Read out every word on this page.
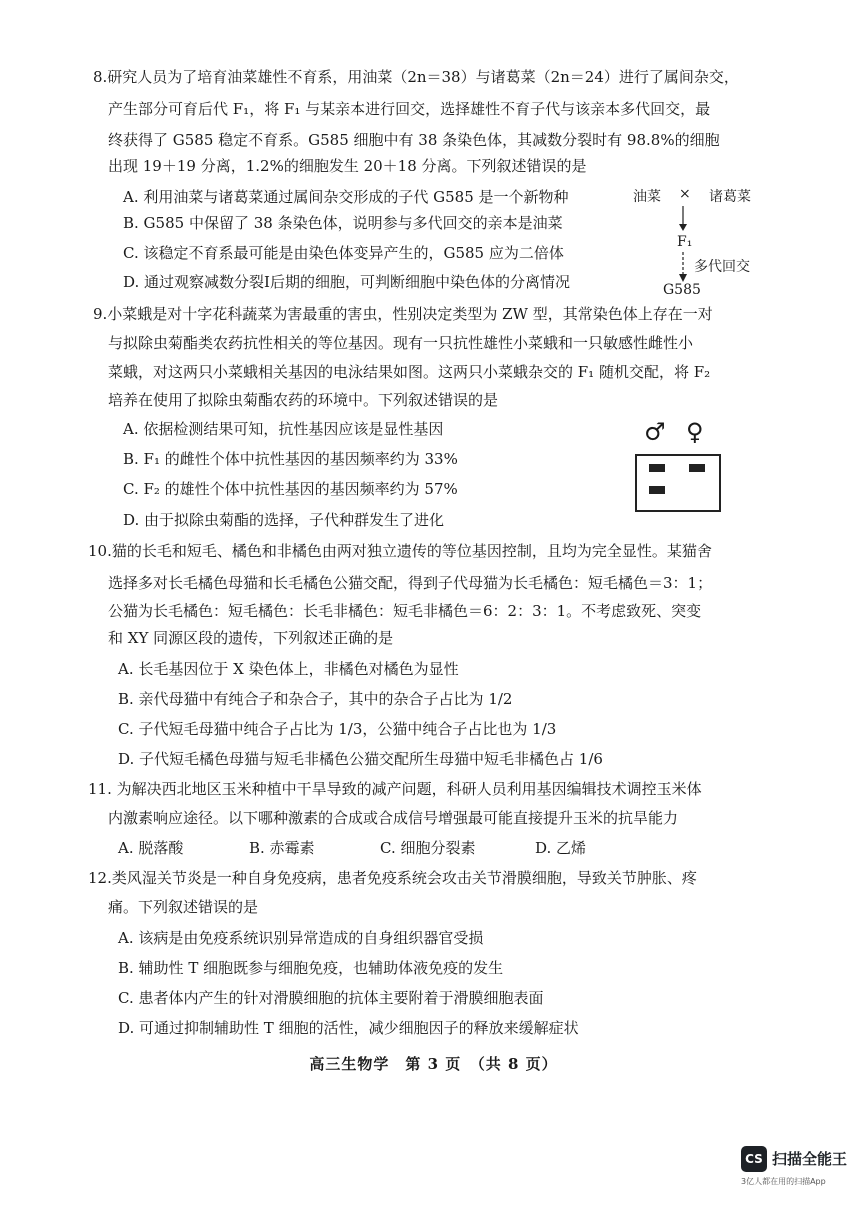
8.研究人员为了培育油菜雄性不育系，用油菜（2n＝38）与诸葛菜（2n＝24）进行了属间杂交，
产生部分可育后代 F₁，将 F₁ 与某亲本进行回交，选择雄性不育子代与该亲本多代回交，最
终获得了 G585 稳定不育系。G585 细胞中有 38 条染色体，其减数分裂时有 98.8%的细胞
出现 19＋19 分离，1.2%的细胞发生 20＋18 分离。下列叙述错误的是
A. 利用油菜与诸葛菜通过属间杂交形成的子代 G585 是一个新物种
B. G585 中保留了 38 条染色体，说明参与多代回交的亲本是油菜
C. 该稳定不育系最可能是由染色体变异产生的，G585 应为二倍体
D. 通过观察减数分裂Ⅰ后期的细胞，可判断细胞中染色体的分离情况
油菜 × 诸葛菜
F₁
多代回交
G585
9.小菜蛾是对十字花科蔬菜为害最重的害虫，性别决定类型为 ZW 型，其常染色体上存在一对
与拟除虫菊酯类农药抗性相关的等位基因。现有一只抗性雄性小菜蛾和一只敏感性雌性小
菜蛾，对这两只小菜蛾相关基因的电泳结果如图。这两只小菜蛾杂交的 F₁ 随机交配，将 F₂
培养在使用了拟除虫菊酯农药的环境中。下列叙述错误的是
A. 依据检测结果可知，抗性基因应该是显性基因
B. F₁ 的雌性个体中抗性基因的基因频率约为 33%
C. F₂ 的雄性个体中抗性基因的基因频率约为 57%
D. 由于拟除虫菊酯的选择，子代种群发生了进化
♂ ♀
10.猫的长毛和短毛、橘色和非橘色由两对独立遗传的等位基因控制，且均为完全显性。某猫舍
选择多对长毛橘色母猫和长毛橘色公猫交配，得到子代母猫为长毛橘色：短毛橘色＝3：1；
公猫为长毛橘色：短毛橘色：长毛非橘色：短毛非橘色＝6：2：3：1。不考虑致死、突变
和 XY 同源区段的遗传，下列叙述正确的是
A. 长毛基因位于 X 染色体上，非橘色对橘色为显性
B. 亲代母猫中有纯合子和杂合子，其中的杂合子占比为 1/2
C. 子代短毛母猫中纯合子占比为 1/3，公猫中纯合子占比也为 1/3
D. 子代短毛橘色母猫与短毛非橘色公猫交配所生母猫中短毛非橘色占 1/6
11. 为解决西北地区玉米种植中干旱导致的减产问题，科研人员利用基因编辑技术调控玉米体
内激素响应途径。以下哪种激素的合成或合成信号增强最可能直接提升玉米的抗旱能力
A. 脱落酸	B. 赤霉素	C. 细胞分裂素	D. 乙烯
12.类风湿关节炎是一种自身免疫病，患者免疫系统会攻击关节滑膜细胞，导致关节肿胀、疼
痛。下列叙述错误的是
A. 该病是由免疫系统识别异常造成的自身组织器官受损
B. 辅助性 T 细胞既参与细胞免疫，也辅助体液免疫的发生
C. 患者体内产生的针对滑膜细胞的抗体主要附着于滑膜细胞表面
D. 可通过抑制辅助性 T 细胞的活性，减少细胞因子的释放来缓解症状
高三生物学　第 3 页　（共 8 页）
CS 扫描全能王
3亿人都在用的扫描App
